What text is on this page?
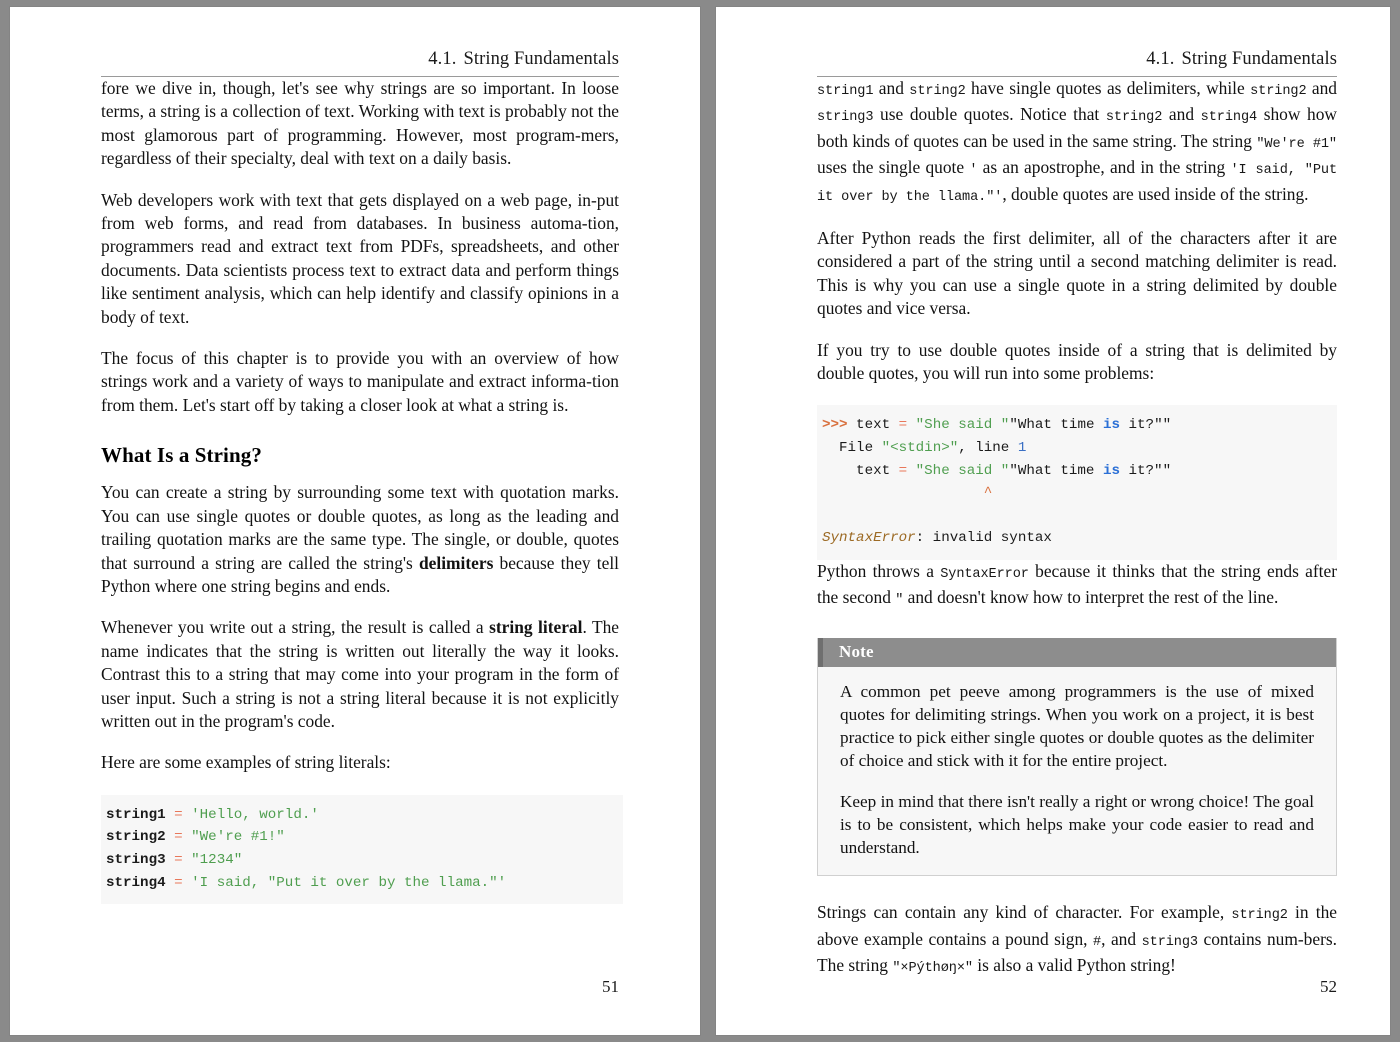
4.1. String Fundamentals

fore we dive in, though, let's see why strings are so important. In loose terms, a string is a collection of text. Working with text is probably not the most glamorous part of programming. However, most program-mers, regardless of their specialty, deal with text on a daily basis.

Web developers work with text that gets displayed on a web page, in-put from web forms, and read from databases. In business automa-tion, programmers read and extract text from PDFs, spreadsheets, and other documents. Data scientists process text to extract data and perform things like sentiment analysis, which can help identify and classify opinions in a body of text.

The focus of this chapter is to provide you with an overview of how strings work and a variety of ways to manipulate and extract informa-tion from them. Let's start off by taking a closer look at what a string is.

What Is a String?

You can create a string by surrounding some text with quotation marks. You can use single quotes or double quotes, as long as the leading and trailing quotation marks are the same type. The single, or double, quotes that surround a string are called the string's delimiters because they tell Python where one string begins and ends.

Whenever you write out a string, the result is called a string literal. The name indicates that the string is written out literally the way it looks. Contrast this to a string that may come into your program in the form of user input. Such a string is not a string literal because it is not explicitly written out in the program's code.

Here are some examples of string literals:

string1 = 'Hello, world.'
string2 = "We're #1!"
string3 = "1234"
string4 = 'I said, "Put it over by the llama."'
51
4.1. String Fundamentals

string1 and string2 have single quotes as delimiters, while string2 and string3 use double quotes. Notice that string2 and string4 show how both kinds of quotes can be used in the same string. The string "We're #1" uses the single quote ' as an apostrophe, and in the string 'I said, "Put it over by the llama."', double quotes are used inside of the string.

After Python reads the first delimiter, all of the characters after it are considered a part of the string until a second matching delimiter is read. This is why you can use a single quote in a string delimited by double quotes and vice versa.

If you try to use double quotes inside of a string that is delimited by double quotes, you will run into some problems:

>>> text = "She said ""What time is it?""
File "<stdin>", line 1
text = "She said ""What time is it?""
^

SyntaxError: invalid syntax

Python throws a SyntaxError because it thinks that the string ends after the second " and doesn't know how to interpret the rest of the line.

Note

A common pet peeve among programmers is the use of mixed quotes for delimiting strings. When you work on a project, it is best practice to pick either single quotes or double quotes as the delimiter of choice and stick with it for the entire project.

Keep in mind that there isn't really a right or wrong choice! The goal is to be consistent, which helps make your code easier to read and understand.

Strings can contain any kind of character. For example, string2 in the above example contains a pound sign, #, and string3 contains num-bers. The string "×Pýthøŋ×" is also a valid Python string!

52
